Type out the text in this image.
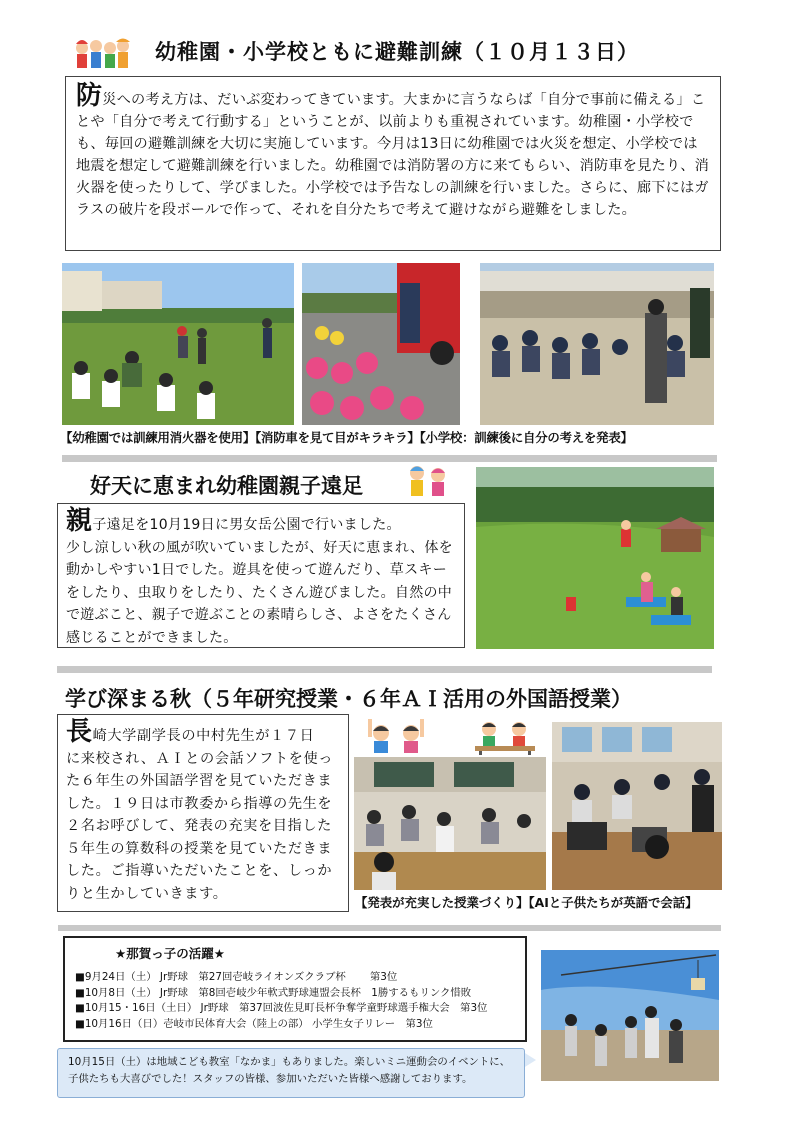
幼稚園・小学校ともに避難訓練（１０月１３日）

防災への考え方は、だいぶ変わってきています。大まかに言うならば「自分で事前に備える」ことや「自分で考えて行動する」ということが、以前よりも重視されています。幼稚園・小学校でも、毎回の避難訓練を大切に実施しています。今月は13日に幼稚園では火災を想定、小学校では地震を想定して避難訓練を行いました。幼稚園では消防署の方に来てもらい、消防車を見たり、消火器を使ったりして、学びました。小学校では予告なしの訓練を行いました。さらに、廊下にはガラスの破片を段ボールで作って、それを自分たちで考えて避けながら避難をしました。

【幼稚園では訓練用消火器を使用】【消防車を見て目がキラキラ】【小学校：訓練後に自分の考えを発表】
好天に恵まれ幼稚園親子遠足

親子遠足を10月19日に男女岳公園で行いました。

少し涼しい秋の風が吹いていましたが、好天に恵まれ、体を動かしやすい1日でした。遊具を使って遊んだり、草スキーをしたり、虫取りをしたり、たくさん遊びました。自然の中で遊ぶこと、親子で遊ぶことの素晴らしさ、よさをたくさん感じることができました。

学び深まる秋（５年研究授業・６年ＡＩ活用の外国語授業）

長崎大学副学長の中村先生が１７日

に来校され、ＡＩとの会話ソフトを使った６年生の外国語学習を見ていただきました。１９日は市教委から指導の先生を２名お呼びして、発表の充実を目指した５年生の算数科の授業を見ていただきました。ご指導いただいたことを、しっかりと生かしていきます。

【発表が充実した授業づくり】【AIと子供たちが英語で会話】
★那賀っ子の活躍★
■9月24日（土） Jr野球　第27回壱岐ライオンズクラブ杯　　 第3位
■10月8日（土） Jr野球　第8回壱岐少年軟式野球連盟会長杯　1勝するもリンク惜敗
■10月15・16日（土日） Jr野球　第37回波佐見町長杯争奪学童野球選手権大会　第3位
■10月16日（日）壱岐市民体育大会（陸上の部） 小学生女子リレー　第3位
10月15日（土）は地域こども教室「なかま」もありました。楽しいミニ運動会のイベントに、子供たちも大喜びでした！スタッフの皆様、参加いただいた皆様へ感謝しております。
